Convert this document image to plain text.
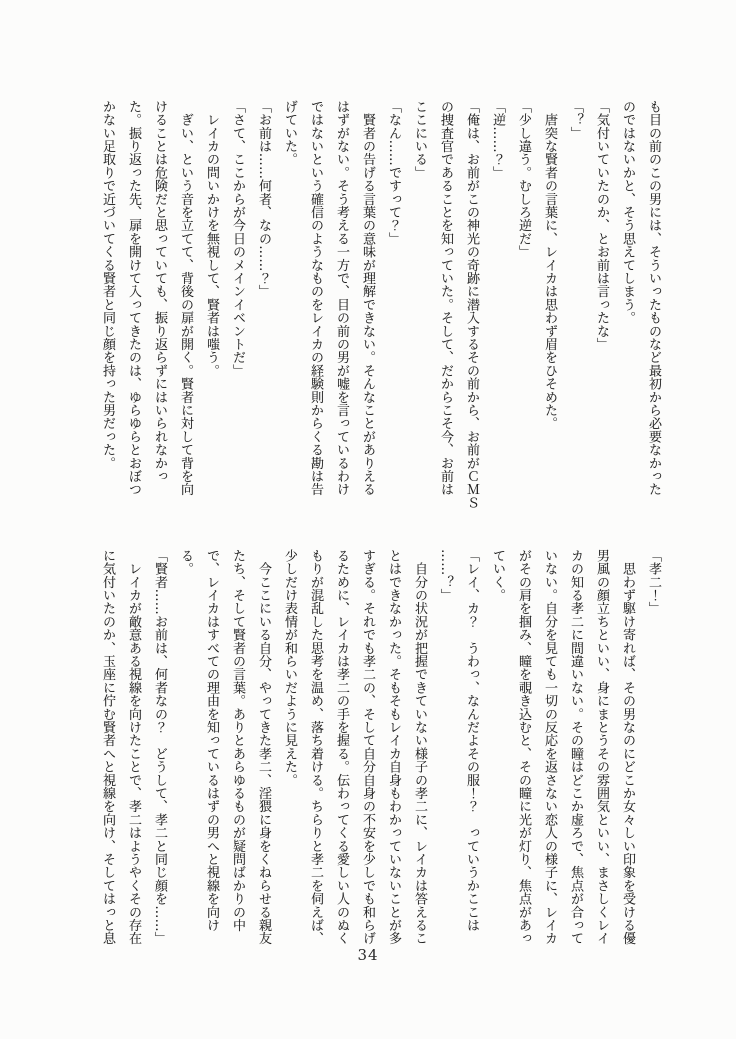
も目の前のこの男には、そういったものなど最初から必要なかった
のではないかと、そう思えてしまう。
「気付いていたのか、とお前は言ったな」
「？」
　唐突な賢者の言葉に、レイカは思わず眉をひそめた。
「少し違う。むしろ逆だ」
「逆……？」
「俺は、お前がこの神光の奇跡に潜入するその前から、お前がＣＭＳ
の捜査官であることを知っていた。そして、だからこそ今、お前は
ここにいる」
「なん……ですって？」
　賢者の告げる言葉の意味が理解できない。そんなことがありえる
はずがない。そう考える一方で、目の前の男が嘘を言っているわけ
ではないという確信のようなものをレイカの経験則からくる勘は告
げていた。
「お前は……何者、なの……？」
「さて、ここからが今日のメインイベントだ」
　レイカの問いかけを無視して、賢者は嗤う。
　ぎい、という音を立てて、背後の扉が開く。賢者に対して背を向
けることは危険だと思っていても、振り返らずにはいられなかっ
た。振り返った先、扉を開けて入ってきたのは、ゆらゆらとおぼつ
かない足取りで近づいてくる賢者と同じ顔を持った男だった。
「孝二！」
　思わず駆け寄れば、その男なのにどこか女々しい印象を受ける優
男風の顔立ちといい、身にまとうその雰囲気といい、まさしくレイ
カの知る孝二に間違いない。その瞳はどこか虚ろで、焦点が合って
いない。自分を見ても一切の反応を返さない恋人の様子に、レイカ
がその肩を掴み、瞳を覗き込むと、その瞳に光が灯り、焦点があっ
ていく。
「レイ、カ？　うわっ、なんだよその服！？　っていうかここは
……？」
　自分の状況が把握できていない様子の孝二に、レイカは答えるこ
とはできなかった。そもそもレイカ自身もわかっていないことが多
すぎる。それでも孝二の、そして自分自身の不安を少しでも和らげ
るために、レイカは孝二の手を握る。伝わってくる愛しい人のぬく
もりが混乱した思考を温め、落ち着ける。ちらりと孝二を伺えば、
少しだけ表情が和らいだように見えた。
　今ここにいる自分、やってきた孝二、淫猥に身をくねらせる親友
たち、そして賢者の言葉。ありとあらゆるものが疑問ばかりの中
で、レイカはすべての理由を知っているはずの男へと視線を向け
る。
「賢者……お前は、何者なの？　どうして、孝二と同じ顔を……」
　レイカが敵意ある視線を向けたことで、孝二はようやくその存在
に気付いたのか、玉座に佇む賢者へと視線を向け、そしてはっと息
34
